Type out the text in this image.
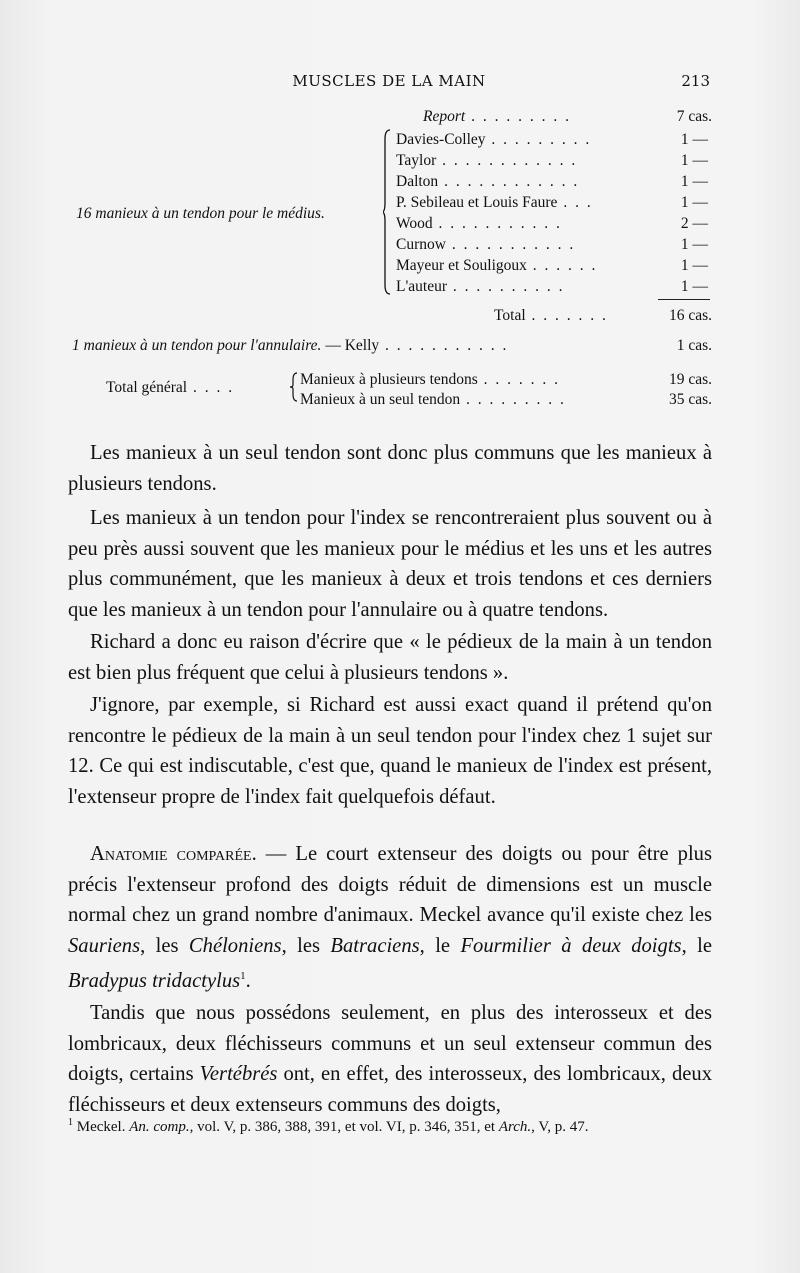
MUSCLES DE LA MAIN	213
Report . . . . . . . . .	7 cas.
16 manieux à un tendon pour le médius.
Davies-Colley . . . . . . . . .	1 —
Taylor . . . . . . . . . . . .	1 —
Dalton . . . . . . . . . . . .	1 —
P. Sebileau et Louis Faure . . .	1 —
Wood . . . . . . . . . . .	2 —
Curnow . . . . . . . . . . .	1 —
Mayeur et Souligoux . . . . . .	1 —
L'auteur . . . . . . . . . .	1 —
Total . . . . . . .	16 cas.
1 manieux à un tendon pour l'annulaire. — Kelly . . . . . . . . . . .	1 cas.
Total général . . . .	Manieux à plusieurs tendons . . . . . . .	19 cas.
Manieux à un seul tendon . . . . . . . . .	35 cas.

Les manieux à un seul tendon sont donc plus communs que les manieux à plusieurs tendons.

Les manieux à un tendon pour l'index se rencontreraient plus souvent ou à peu près aussi souvent que les manieux pour le médius et les uns et les autres plus communément, que les manieux à deux et trois tendons et ces derniers que les manieux à un tendon pour l'annulaire ou à quatre tendons.

Richard a donc eu raison d'écrire que « le pédieux de la main à un tendon est bien plus fréquent que celui à plusieurs tendons ».

J'ignore, par exemple, si Richard est aussi exact quand il prétend qu'on rencontre le pédieux de la main à un seul tendon pour l'index chez 1 sujet sur 12. Ce qui est indiscutable, c'est que, quand le manieux de l'index est présent, l'extenseur propre de l'index fait quelquefois défaut.

Anatomie comparée. — Le court extenseur des doigts ou pour être plus précis l'extenseur profond des doigts réduit de dimensions est un muscle normal chez un grand nombre d'animaux. Meckel avance qu'il existe chez les Sauriens, les Chéloniens, les Batraciens, le Fourmilier à deux doigts, le Bradypus tridactylus$^1$.

Tandis que nous possédons seulement, en plus des interosseux et des lombricaux, deux fléchisseurs communs et un seul extenseur commun des doigts, certains Vertébrés ont, en effet, des interosseux, des lombricaux, deux fléchisseurs et deux extenseurs communs des doigts,

$^1$ Meckel. An. comp., vol. V, p. 386, 388, 391, et vol. VI, p. 346, 351, et Arch., V, p. 47.
